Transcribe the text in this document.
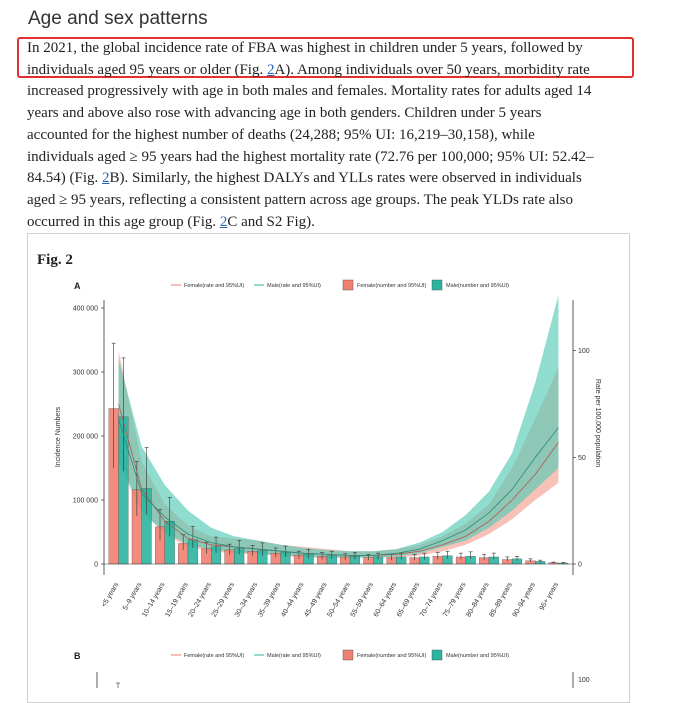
Age and sex patterns
In 2021, the global incidence rate of FBA was highest in children under 5 years, followed by
individuals aged 95 years or older (Fig. 2A). Among individuals over 50 years, morbidity rate
increased progressively with age in both males and females. Mortality rates for adults aged 14
years and above also rose with advancing age in both genders. Children under 5 years
accounted for the highest number of deaths (24,288; 95% UI: 16,219–30,158), while
individuals aged ≥ 95 years had the highest mortality rate (72.76 per 100,000; 95% UI: 52.42–
84.54) (Fig. 2B). Similarly, the highest DALYs and YLLs rates were observed in individuals
aged ≥ 95 years, reflecting a consistent pattern across age groups. The peak YLDs rate also
occurred in this age group (Fig. 2C and S2 Fig).
Fig. 2
A	Female(rate and 95%UI)	Male(rate and 95%UI)	Female(number and 95%UI)	Male(number and 95%UI)
Incidence Numbers	Rate per 100,000 population
400 000
300 000
200 000
100 000
0
100
50
0
<5 years 5–9 years
10–14 years
15–19 years
20–24 years
25–29 years
30–34 years
35–39 years
40–44 years
45–49 years
50–54 years
55–59 years
60–64 years
65–69 years
70–74 years
75–79 years
80–84 years
85–89 years
90–94 years 95+ years
B	Female(rate and 95%UI)	Male(rate and 95%UI)	Female(number and 95%UI)	Male(number and 95%UI)
100
